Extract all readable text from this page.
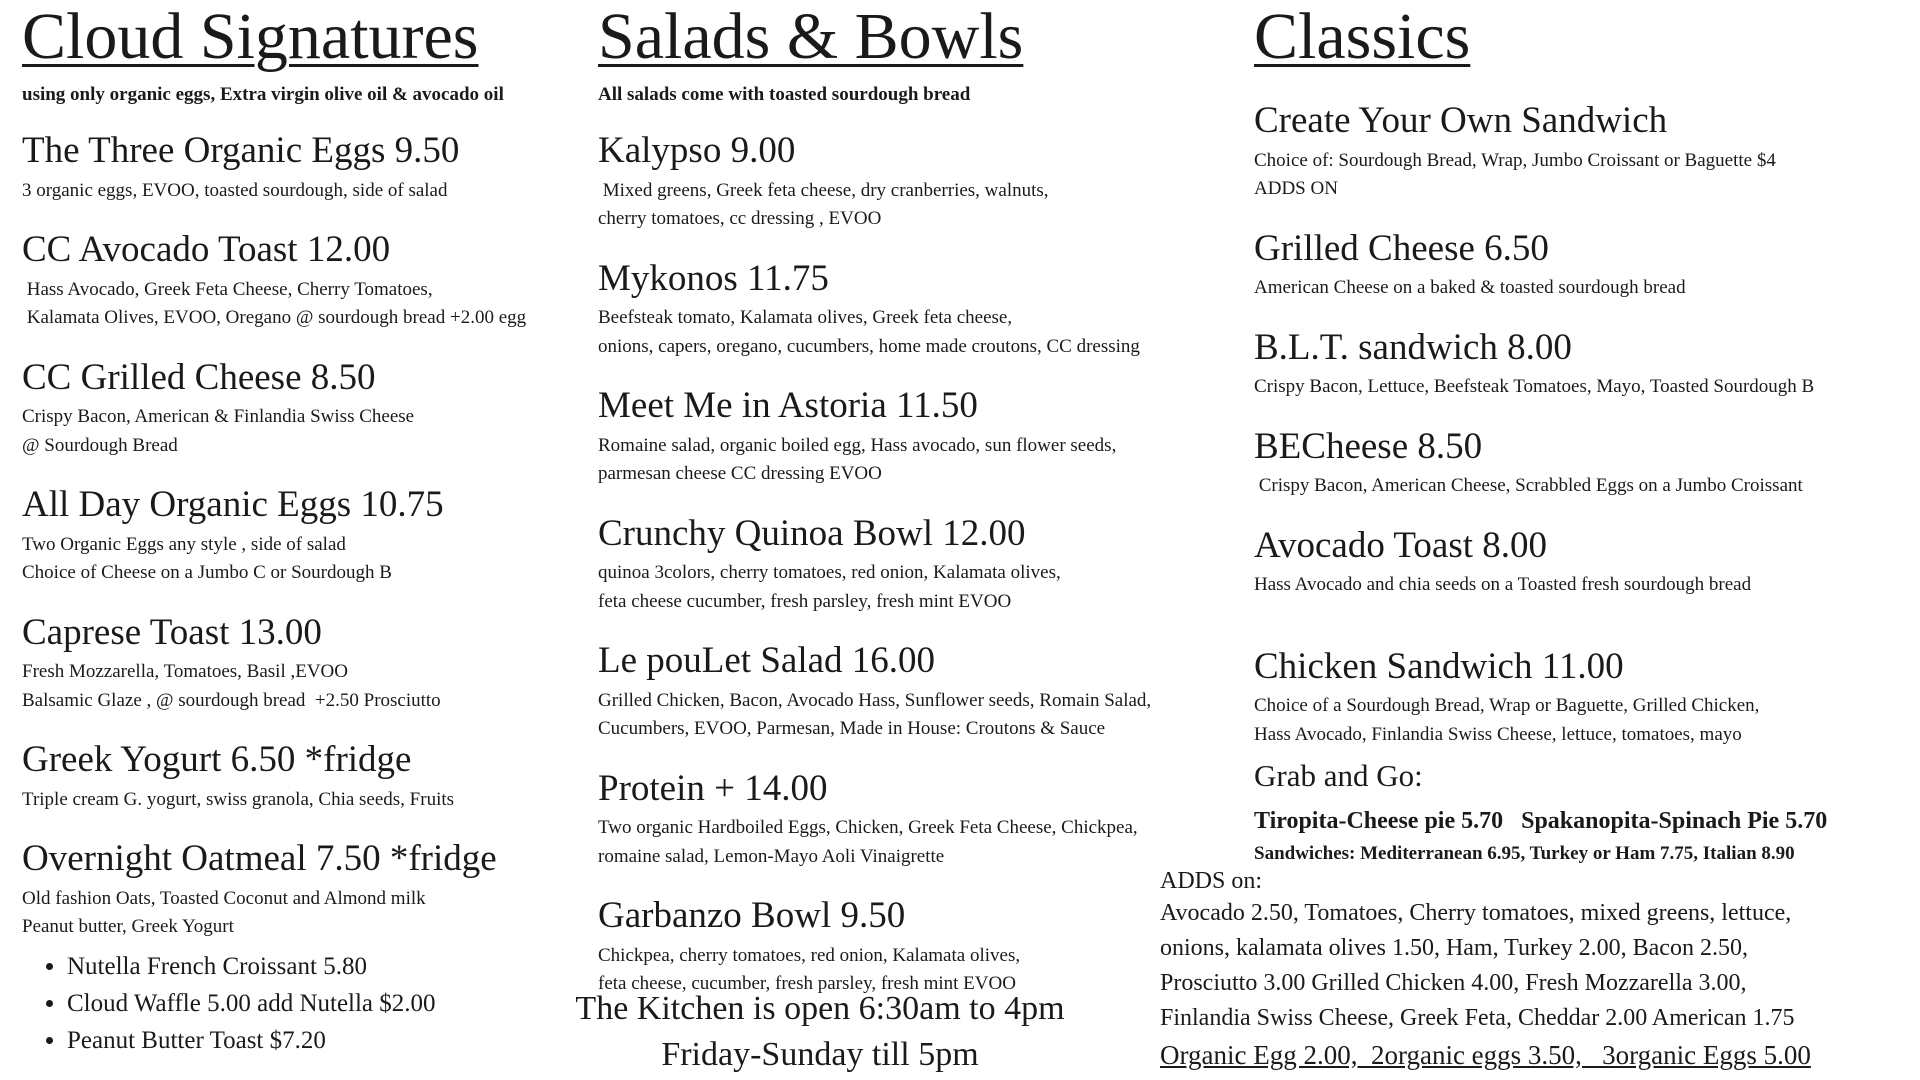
Cloud Signatures
using only organic eggs, Extra virgin olive oil & avocado oil
The Three Organic Eggs 9.50
3 organic eggs, EVOO, toasted sourdough, side of salad
CC Avocado Toast 12.00
Hass Avocado, Greek Feta Cheese, Cherry Tomatoes,
Kalamata Olives, EVOO, Oregano @ sourdough bread +2.00 egg
CC Grilled Cheese 8.50
Crispy Bacon, American & Finlandia Swiss Cheese
@ Sourdough Bread
All Day Organic Eggs 10.75
Two Organic Eggs any style , side of salad
Choice of Cheese on a Jumbo C or Sourdough B
Caprese Toast 13.00
Fresh Mozzarella, Tomatoes, Basil ,EVOO
Balsamic Glaze , @ sourdough bread  +2.50 Prosciutto
Greek Yogurt 6.50 *fridge
Triple cream G. yogurt, swiss granola, Chia seeds, Fruits
Overnight Oatmeal 7.50 *fridge
Old fashion Oats, Toasted Coconut and Almond milk
Peanut butter, Greek Yogurt
• Nutella French Croissant 5.80
• Cloud Waffle 5.00 add Nutella $2.00
• Peanut Butter Toast $7.20
Salads & Bowls
All salads come with toasted sourdough bread
Kalypso 9.00
Mixed greens, Greek feta cheese, dry cranberries, walnuts,
cherry tomatoes, cc dressing , EVOO
Mykonos 11.75
Beefsteak tomato, Kalamata olives, Greek feta cheese,
onions, capers, oregano, cucumbers, home made croutons, CC dressing
Meet Me in Astoria 11.50
Romaine salad, organic boiled egg, Hass avocado, sun flower seeds,
parmesan cheese CC dressing EVOO
Crunchy Quinoa Bowl 12.00
quinoa 3colors, cherry tomatoes, red onion, Kalamata olives,
feta cheese cucumber, fresh parsley, fresh mint EVOO
Le pouLet Salad 16.00
Grilled Chicken, Bacon, Avocado Hass, Sunflower seeds, Romain Salad,
Cucumbers, EVOO, Parmesan, Made in House: Croutons & Sauce
Protein + 14.00
Two organic Hardboiled Eggs, Chicken, Greek Feta Cheese, Chickpea,
romaine salad, Lemon-Mayo Aoli Vinaigrette
Garbanzo Bowl 9.50
Chickpea, cherry tomatoes, red onion, Kalamata olives,
feta cheese, cucumber, fresh parsley, fresh mint EVOO
The Kitchen is open 6:30am to 4pm
Friday-Sunday till 5pm
Classics
Create Your Own Sandwich
Choice of: Sourdough Bread, Wrap, Jumbo Croissant or Baguette $4
ADDS ON
Grilled Cheese 6.50
American Cheese on a baked & toasted sourdough bread
B.L.T. sandwich 8.00
Crispy Bacon, Lettuce, Beefsteak Tomatoes, Mayo, Toasted Sourdough B
BECheese 8.50
Crispy Bacon, American Cheese, Scrabbled Eggs on a Jumbo Croissant
Avocado Toast 8.00
Hass Avocado and chia seeds on a Toasted fresh sourdough bread
Chicken Sandwich 11.00
Choice of a Sourdough Bread, Wrap or Baguette, Grilled Chicken,
Hass Avocado, Finlandia Swiss Cheese, lettuce, tomatoes, mayo
Grab and Go:
Tiropita-Cheese pie 5.70   Spakanopita-Spinach Pie 5.70
Sandwiches: Mediterranean 6.95, Turkey or Ham 7.75, Italian 8.90
ADDS on:
Avocado 2.50, Tomatoes, Cherry tomatoes, mixed greens, lettuce,
onions, kalamata olives 1.50, Ham, Turkey 2.00, Bacon 2.50,
Prosciutto 3.00 Grilled Chicken 4.00, Fresh Mozzarella 3.00,
Finlandia Swiss Cheese, Greek Feta, Cheddar 2.00 American 1.75
Organic Egg 2.00,  2organic eggs 3.50,   3organic Eggs 5.00
